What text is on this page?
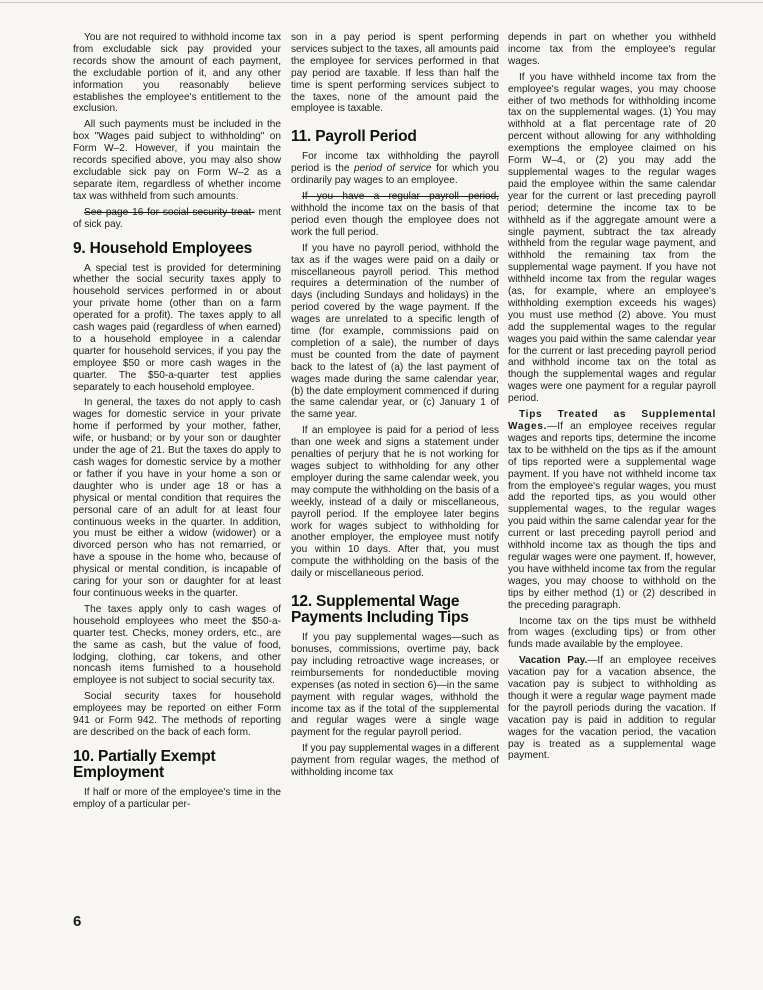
You are not required to withhold income tax from excludable sick pay provided your records show the amount of each payment, the excludable portion of it, and any other information you reasonably believe establishes the employee's entitlement to the exclusion.

All such payments must be included in the box "Wages paid subject to withholding" on Form W–2. However, if you maintain the records specified above, you may also show excludable sick pay on Form W–2 as a separate item, regardless of whether income tax was withheld from such amounts.

See page 16 for social security treat- ment of sick pay.

9. Household Employees

A special test is provided for determining whether the social security taxes apply to household services performed in or about your private home (other than on a farm operated for a profit). The taxes apply to all cash wages paid (regardless of when earned) to a household employee in a calendar quarter for household services, if you pay the employee $50 or more cash wages in the quarter. The $50-a-quarter test applies separately to each household employee.

In general, the taxes do not apply to cash wages for domestic service in your private home if performed by your mother, father, wife, or husband; or by your son or daughter under the age of 21. But the taxes do apply to cash wages for domestic service by a mother or father if you have in your home a son or daughter who is under age 18 or has a physical or mental condition that requires the personal care of an adult for at least four continuous weeks in the quarter. In addition, you must be either a widow (widower) or a divorced person who has not remarried, or have a spouse in the home who, because of physical or mental condition, is incapable of caring for your son or daughter for at least four continuous weeks in the quarter.

The taxes apply only to cash wages of household employees who meet the $50-a-quarter test. Checks, money orders, etc., are the same as cash, but the value of food, lodging, clothing, car tokens, and other noncash items furnished to a household employee is not subject to social security tax.

Social security taxes for household employees may be reported on either Form 941 or Form 942. The methods of reporting are described on the back of each form.

10. Partially Exempt Employment

If half or more of the employee's time in the employ of a particular per-

son in a pay period is spent performing services subject to the taxes, all amounts paid the employee for services performed in that pay period are taxable. If less than half the time is spent performing services subject to the taxes, none of the amount paid the employee is taxable.

11. Payroll Period

For income tax withholding the payroll period is the period of service for which you ordinarily pay wages to an employee.

If you have a regular payroll period, withhold the income tax on the basis of that period even though the employee does not work the full period.

If you have no payroll period, withhold the tax as if the wages were paid on a daily or miscellaneous payroll period. This method requires a determination of the number of days (including Sundays and holidays) in the period covered by the wage payment. If the wages are unrelated to a specific length of time (for example, commissions paid on completion of a sale), the number of days must be counted from the date of payment back to the latest of (a) the last payment of wages made during the same calendar year, (b) the date employment commenced if during the same calendar year, or (c) January 1 of the same year.

If an employee is paid for a period of less than one week and signs a statement under penalties of perjury that he is not working for wages subject to withholding for any other employer during the same calendar week, you may compute the withholding on the basis of a weekly, instead of a daily or miscellaneous, payroll period. If the employee later begins work for wages subject to withholding for another employer, the employee must notify you within 10 days. After that, you must compute the withholding on the basis of the daily or miscellaneous period.

12. Supplemental Wage Payments Including Tips

If you pay supplemental wages—such as bonuses, commissions, overtime pay, back pay including retroactive wage increases, or reimbursements for nondeductible moving expenses (as noted in section 6)—in the same payment with regular wages, withhold the income tax as if the total of the supplemental and regular wages were a single wage payment for the regular payroll period.

If you pay supplemental wages in a different payment from regular wages, the method of withholding income tax

depends in part on whether you withheld income tax from the employee's regular wages.

If you have withheld income tax from the employee's regular wages, you may choose either of two methods for withholding income tax on the supplemental wages. (1) You may withhold at a flat percentage rate of 20 percent without allowing for any withholding exemptions the employee claimed on his Form W–4, or (2) you may add the supplemental wages to the regular wages paid the employee within the same calendar year for the current or last preceding payroll period; determine the income tax to be withheld as if the aggregate amount were a single payment, subtract the tax already withheld from the regular wage payment, and withhold the remaining tax from the supplemental wage payment. If you have not withheld income tax from the regular wages (as, for example, where an employee's withholding exemption exceeds his wages) you must use method (2) above. You must add the supplemental wages to the regular wages you paid within the same calendar year for the current or last preceding payroll period and withhold income tax on the total as though the supplemental wages and regular wages were one payment for a regular payroll period.

Tips Treated as Supplemental Wages.—If an employee receives regular wages and reports tips, determine the income tax to be withheld on the tips as if the amount of tips reported were a supplemental wage payment. If you have not withheld income tax from the employee's regular wages, you must add the reported tips, as you would other supplemental wages, to the regular wages you paid within the same calendar year for the current or last preceding payroll period and withhold income tax as though the tips and regular wages were one payment. If, however, you have withheld income tax from the regular wages, you may choose to withhold on the tips by either method (1) or (2) described in the preceding paragraph.

Income tax on the tips must be withheld from wages (excluding tips) or from other funds made available by the employee.

Vacation Pay.—If an employee receives vacation pay for a vacation absence, the vacation pay is subject to withholding as though it were a regular wage payment made for the payroll periods during the vacation. If vacation pay is paid in addition to regular wages for the vacation period, the vacation pay is treated as a supplemental wage payment.

6
